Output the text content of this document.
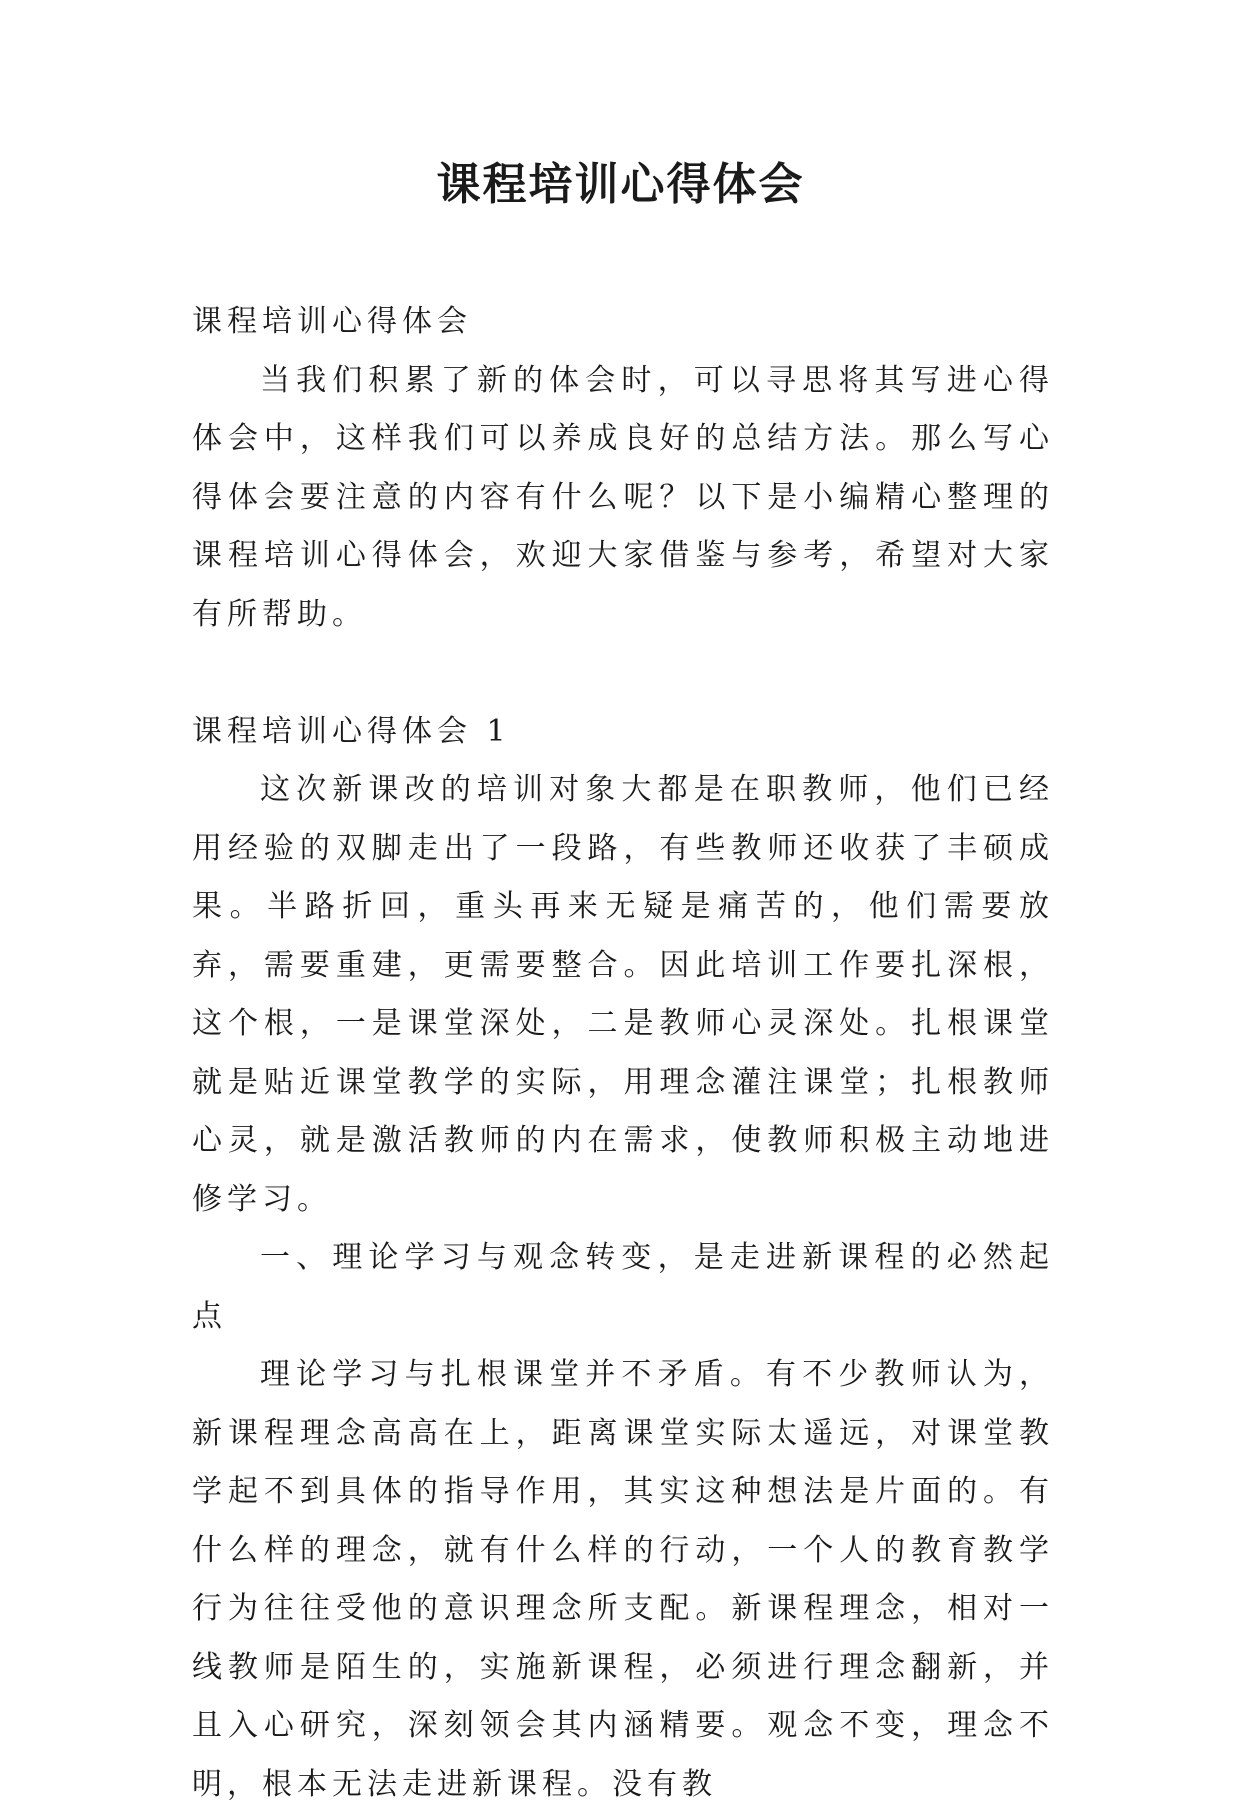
课程培训心得体会

课程培训心得体会

当我们积累了新的体会时，可以寻思将其写进心得体会中，这样我们可以养成良好的总结方法。那么写心得体会要注意的内容有什么呢？以下是小编精心整理的课程培训心得体会，欢迎大家借鉴与参考，希望对大家有所帮助。

课程培训心得体会 1

这次新课改的培训对象大都是在职教师，他们已经用经验的双脚走出了一段路，有些教师还收获了丰硕成果。半路折回，重头再来无疑是痛苦的，他们需要放弃，需要重建，更需要整合。因此培训工作要扎深根，这个根，一是课堂深处，二是教师心灵深处。扎根课堂就是贴近课堂教学的实际，用理念灌注课堂；扎根教师心灵，就是激活教师的内在需求，使教师积极主动地进修学习。

一、理论学习与观念转变，是走进新课程的必然起点

理论学习与扎根课堂并不矛盾。有不少教师认为，新课程理念高高在上，距离课堂实际太遥远，对课堂教学起不到具体的指导作用，其实这种想法是片面的。有什么样的理念，就有什么样的行动，一个人的教育教学行为往往受他的意识理念所支配。新课程理念，相对一线教师是陌生的，实施新课程，必须进行理念翻新，并且入心研究，深刻领会其内涵精要。观念不变，理念不明，根本无法走进新课程。没有教
